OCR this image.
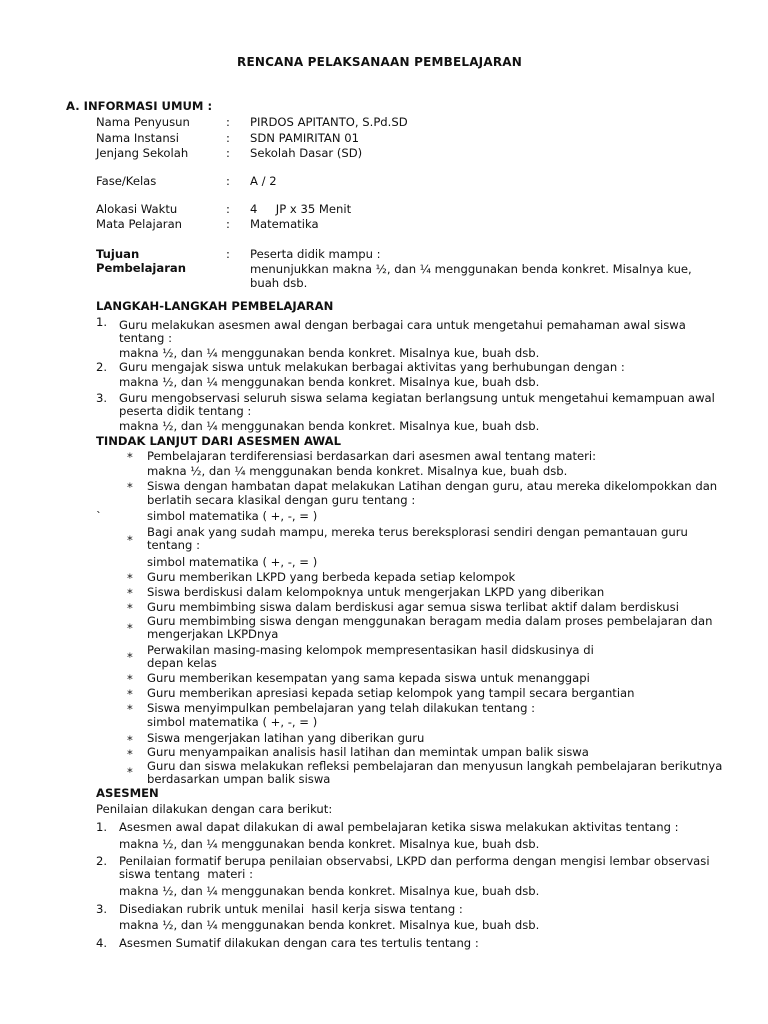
RENCANA PELAKSANAAN PEMBELAJARAN
A. INFORMASI UMUM :
Nama Penyusun	: PIRDOS APITANTO, S.Pd.SD
Nama Instansi	: SDN PAMIRITAN 01
Jenjang Sekolah	: Sekolah Dasar (SD)
Fase/Kelas	: A / 2
Alokasi Waktu	: 4     JP x 35 Menit
Mata Pelajaran	: Matematika
Tujuan
Pembelajaran
: Peserta didik mampu :
menunjukkan makna ½, dan ¼ menggunakan benda konkret. Misalnya kue,
buah dsb.
LANGKAH-LANGKAH PEMBELAJARAN
1. Guru melakukan asesmen awal dengan berbagai cara untuk mengetahui pemahaman awal siswa
tentang :
makna ½, dan ¼ menggunakan benda konkret. Misalnya kue, buah dsb.
2. Guru mengajak siswa untuk melakukan berbagai aktivitas yang berhubungan dengan :
makna ½, dan ¼ menggunakan benda konkret. Misalnya kue, buah dsb.
3. Guru mengobservasi seluruh siswa selama kegiatan berlangsung untuk mengetahui kemampuan awal
peserta didik tentang :
makna ½, dan ¼ menggunakan benda konkret. Misalnya kue, buah dsb.
TINDAK LANJUT DARI ASESMEN AWAL
* Pembelajaran terdiferensiasi berdasarkan dari asesmen awal tentang materi:
makna ½, dan ¼ menggunakan benda konkret. Misalnya kue, buah dsb.
* Siswa dengan hambatan dapat melakukan Latihan dengan guru, atau mereka dikelompokkan dan
berlatih secara klasikal dengan guru tentang :
`	simbol matematika ( +, -, = )
Bagi anak yang sudah mampu, mereka terus bereksplorasi sendiri dengan pemantauan guru
* tentang :
simbol matematika ( +, -, = )
* Guru memberikan LKPD yang berbeda kepada setiap kelompok
* Siswa berdiskusi dalam kelompoknya untuk mengerjakan LKPD yang diberikan
* Guru membimbing siswa dalam berdiskusi agar semua siswa terlibat aktif dalam berdiskusi
Guru membimbing siswa dengan menggunakan beragam media dalam proses pembelajaran dan
* mengerjakan LKPDnya
Perwakilan masing-masing kelompok mempresentasikan hasil didskusinya di
* depan kelas
* Guru memberikan kesempatan yang sama kepada siswa untuk menanggapi
* Guru memberikan apresiasi kepada setiap kelompok yang tampil secara bergantian
* Siswa menyimpulkan pembelajaran yang telah dilakukan tentang :
simbol matematika ( +, -, = )
* Siswa mengerjakan latihan yang diberikan guru
* Guru menyampaikan analisis hasil latihan dan memintak umpan balik siswa
Guru dan siswa melakukan refleksi pembelajaran dan menyusun langkah pembelajaran berikutnya
* berdasarkan umpan balik siswa
ASESMEN
Penilaian dilakukan dengan cara berikut:
1. Asesmen awal dapat dilakukan di awal pembelajaran ketika siswa melakukan aktivitas tentang :
makna ½, dan ¼ menggunakan benda konkret. Misalnya kue, buah dsb.
2. Penilaian formatif berupa penilaian observabsi, LKPD dan performa dengan mengisi lembar observasi
siswa tentang  materi :
makna ½, dan ¼ menggunakan benda konkret. Misalnya kue, buah dsb.
3. Disediakan rubrik untuk menilai  hasil kerja siswa tentang :
makna ½, dan ¼ menggunakan benda konkret. Misalnya kue, buah dsb.
4. Asesmen Sumatif dilakukan dengan cara tes tertulis tentang :
